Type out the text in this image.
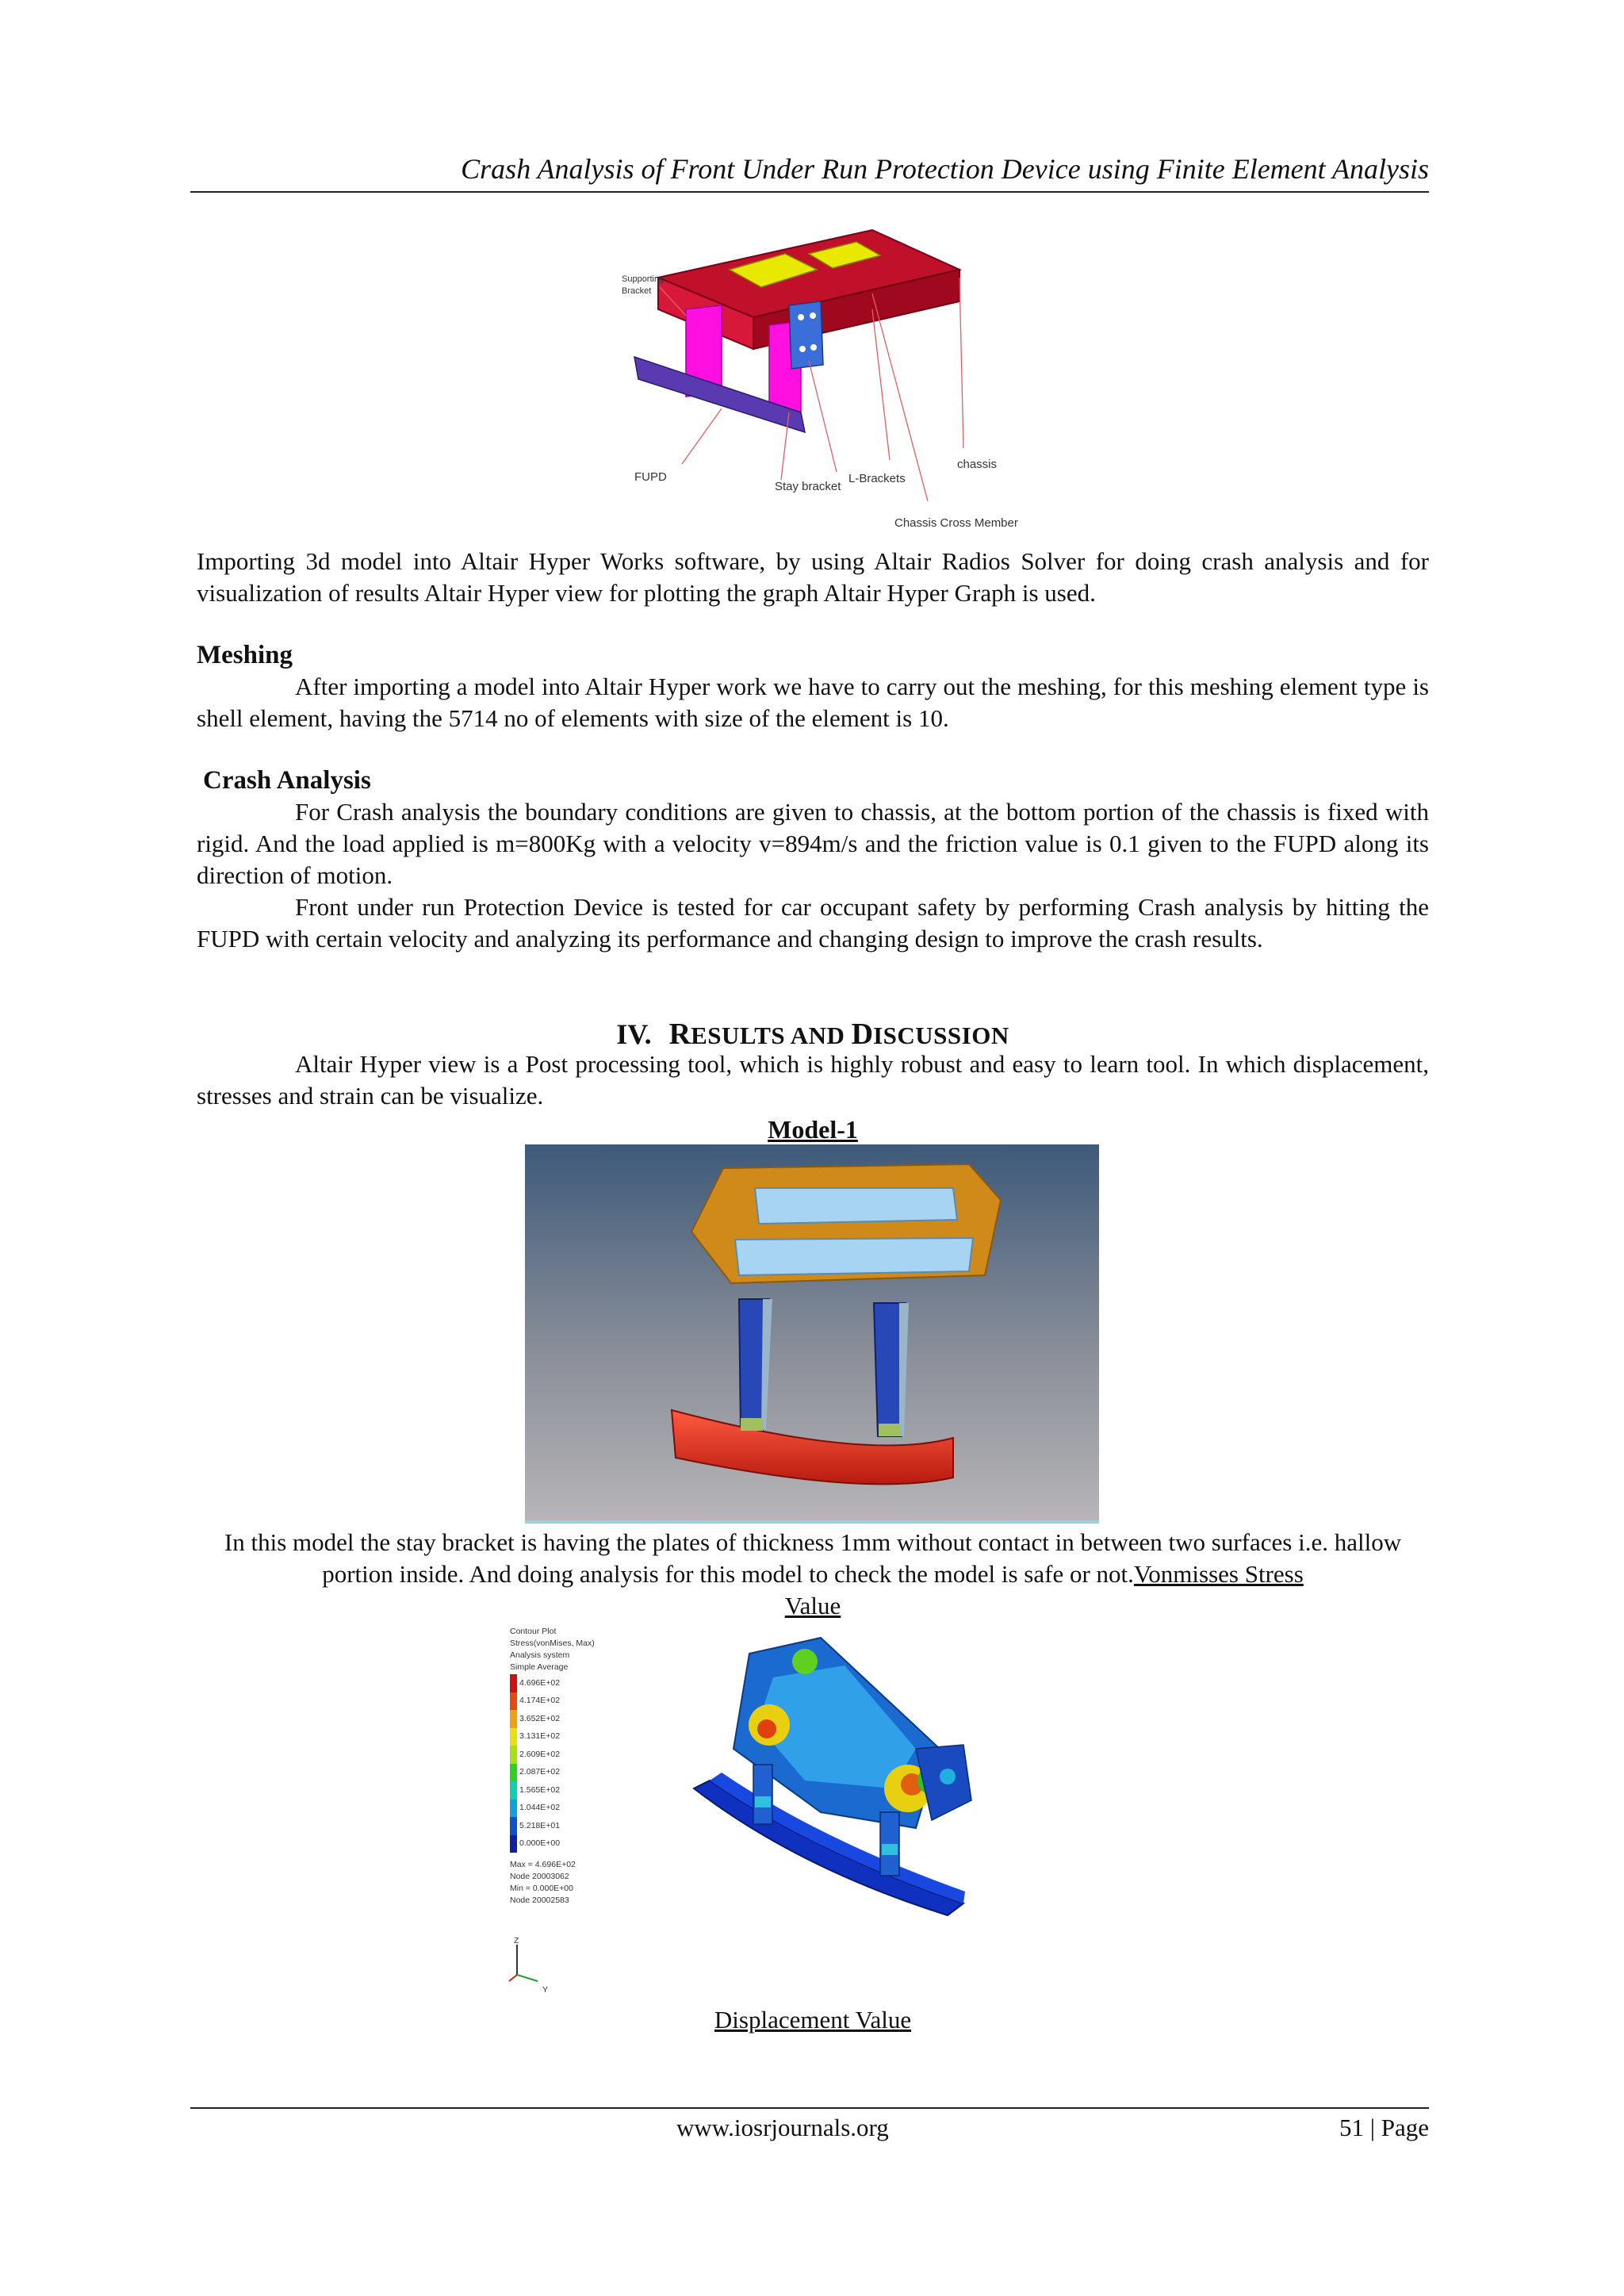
Crash Analysis of Front Under Run Protection Device using Finite Element Analysis
Supporting Bracket
FUPD
Stay bracket
L-Brackets
chassis
Chassis Cross Member
Importing 3d model into Altair Hyper Works software, by using Altair Radios Solver for doing crash analysis and for visualization of results Altair Hyper view for plotting the graph Altair Hyper Graph is used.
Meshing
After importing a model into Altair Hyper work we have to carry out the meshing, for this meshing element type is shell element, having the 5714 no of elements with size of the element is 10.
Crash Analysis
For Crash analysis the boundary conditions are given to chassis, at the bottom portion of the chassis is fixed with rigid. And the load applied is m=800Kg with a velocity v=894m/s and the friction value is 0.1 given to the FUPD along its direction of motion.
Front under run Protection Device is tested for car occupant safety by performing Crash analysis by hitting the FUPD with certain velocity and analyzing its performance and changing design to improve the crash results.
IV. RESULTS AND DISCUSSION
Altair Hyper view is a Post processing tool, which is highly robust and easy to learn tool. In which displacement, stresses and strain can be visualize.
Model-1
In this model the stay bracket is having the plates of thickness 1mm without contact in between two surfaces i.e. hallow portion inside. And doing analysis for this model to check the model is safe or not.Vonmisses Stress
Value
Contour Plot
Stress(vonMises, Max)
Analysis system
Simple Average
4.696E+02
4.174E+02
3.652E+02
3.131E+02
2.609E+02
2.087E+02
1.565E+02
1.044E+02
5.218E+01
0.000E+00
Max = 4.696E+02
Node 20003062
Min = 0.000E+00
Node 20002583
Z
Y
Displacement Value
www.iosrjournals.org	51 | Page
